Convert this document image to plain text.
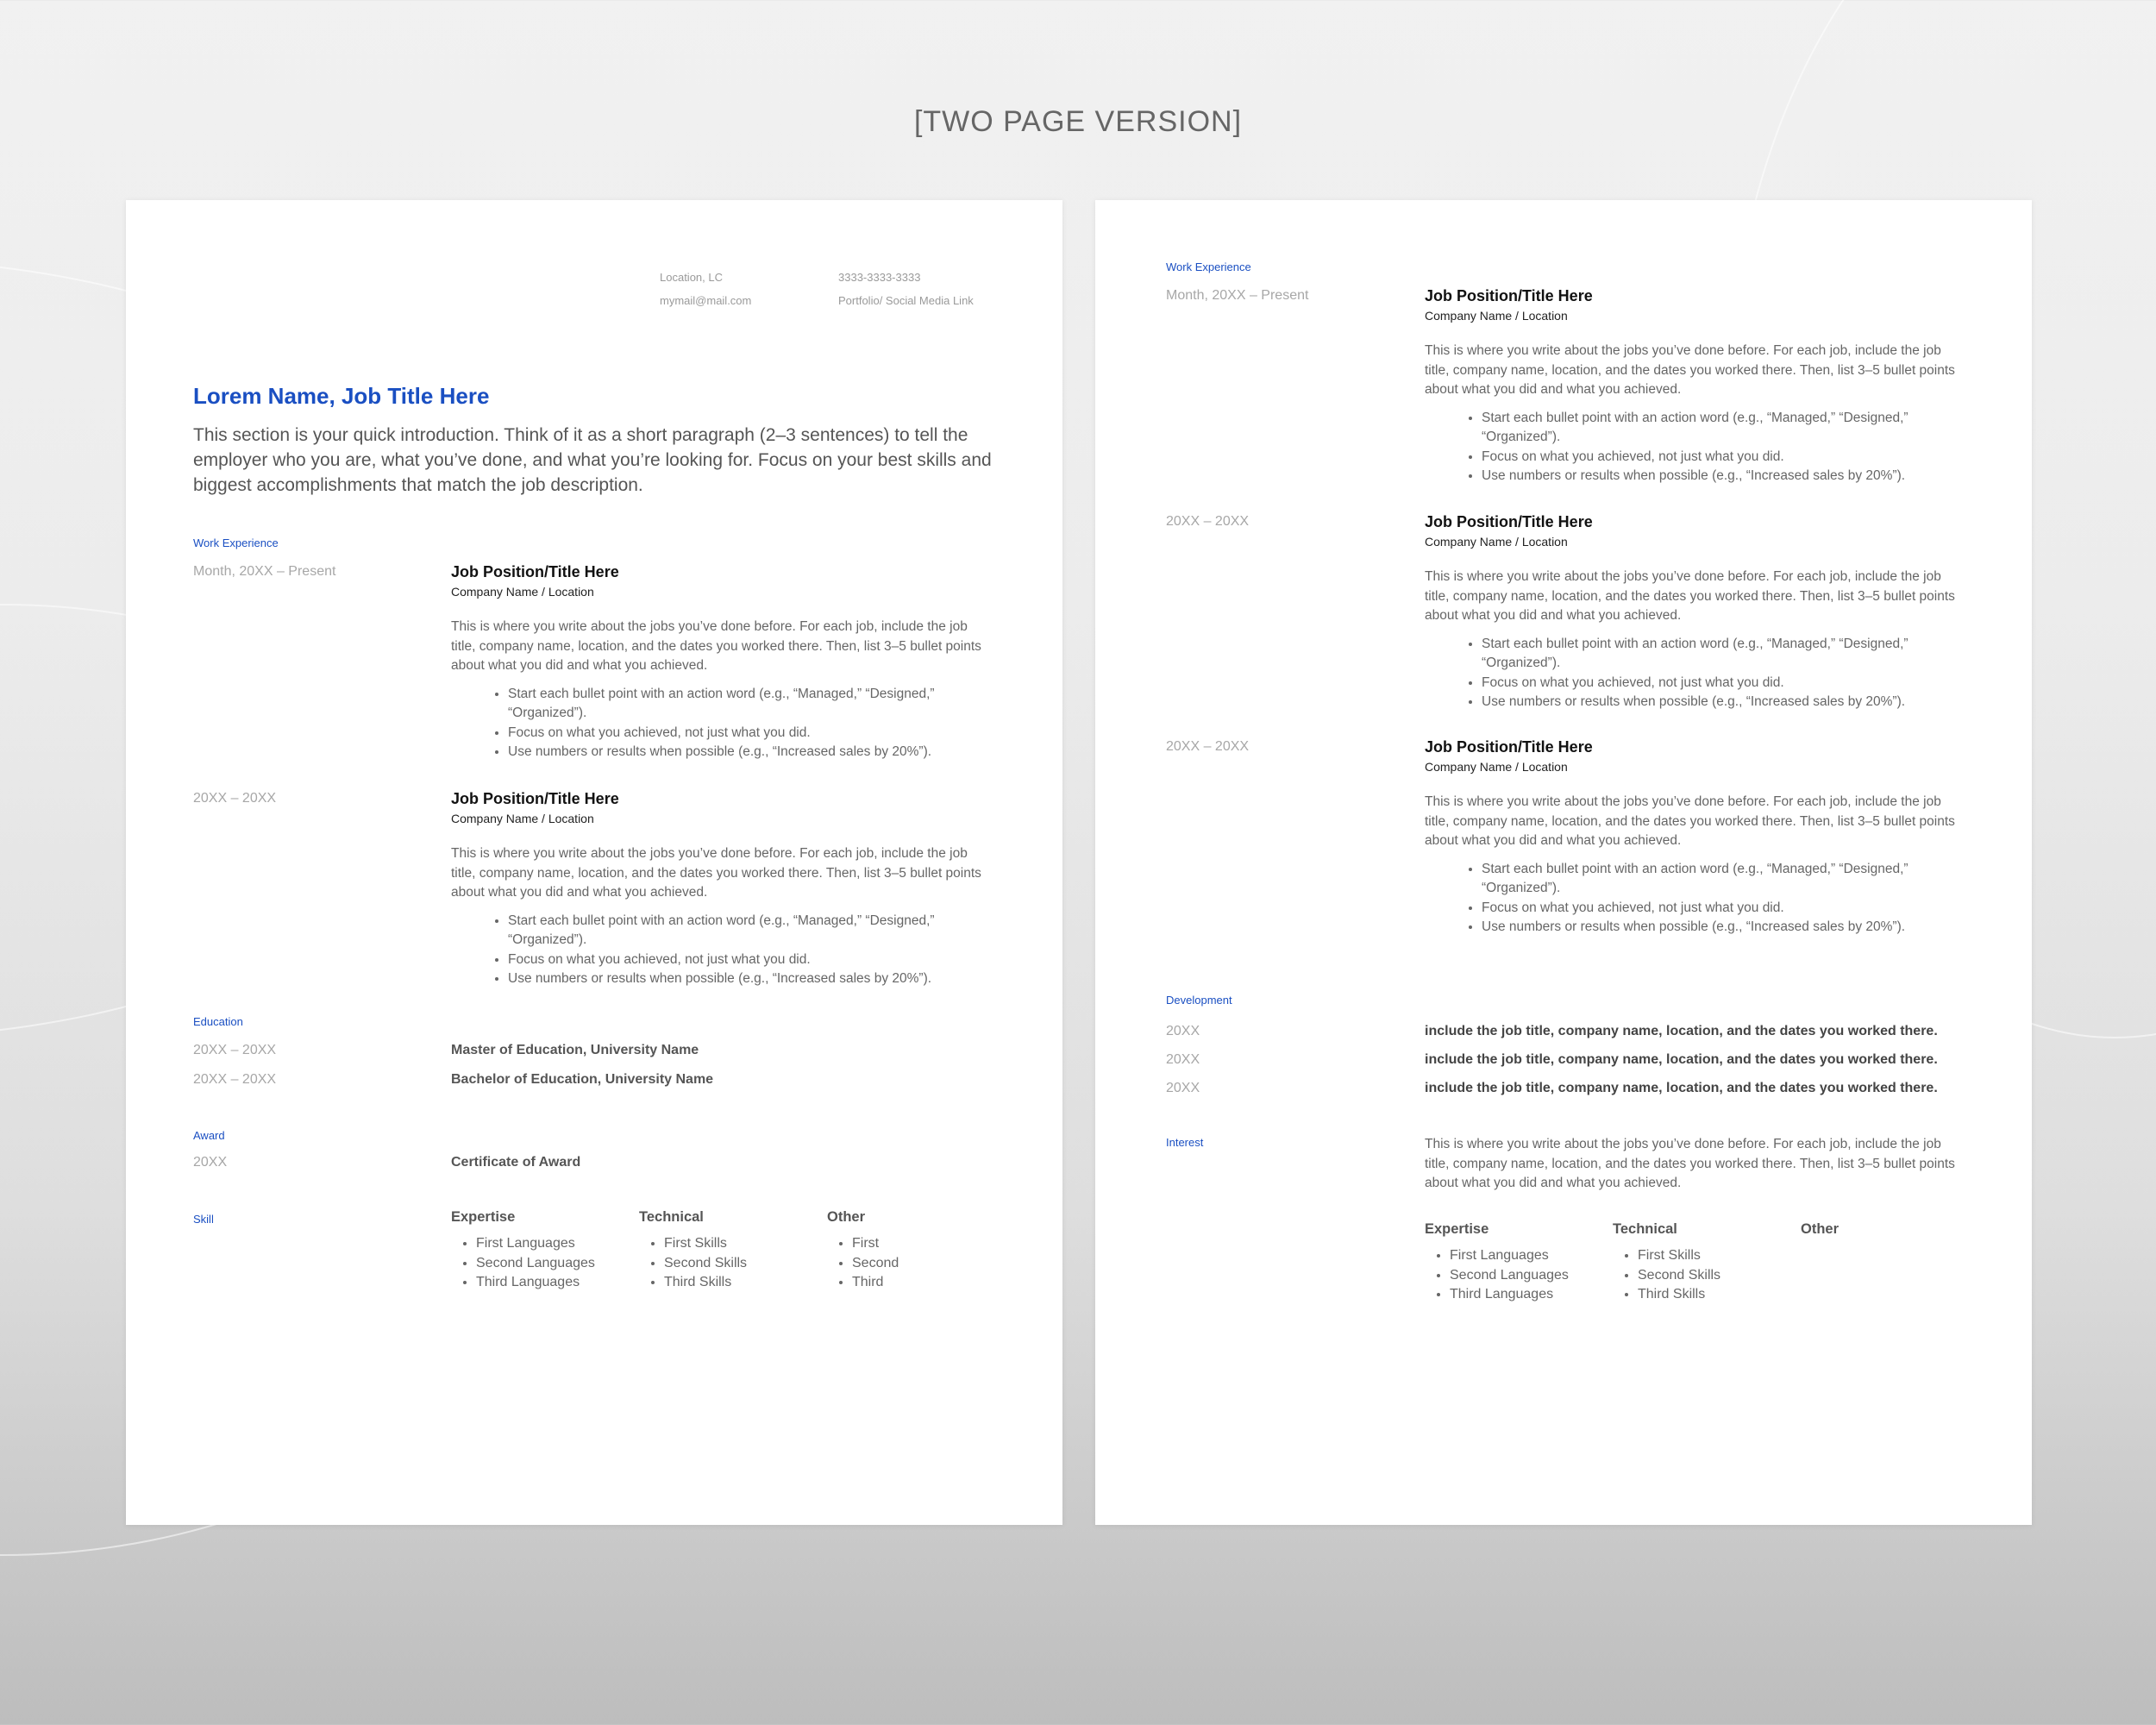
[TWO PAGE VERSION]
Location, LC	3333-3333-3333
mymail@mail.com	Portfolio/ Social Media Link
Lorem Name, Job Title Here
This section is your quick introduction. Think of it as a short paragraph (2–3 sentences) to tell the employer who you are, what you’ve done, and what you’re looking for. Focus on your best skills and biggest accomplishments that match the job description.
Work Experience
Month, 20XX – Present	Job Position/Title Here
Company Name / Location
This is where you write about the jobs you’ve done before. For each job, include the job title, company name, location, and the dates you worked there. Then, list 3–5 bullet points about what you did and what you achieved.
• Start each bullet point with an action word (e.g., “Managed,” “Designed,” “Organized”).
• Focus on what you achieved, not just what you did.
• Use numbers or results when possible (e.g., “Increased sales by 20%”).
20XX – 20XX	Job Position/Title Here
Company Name / Location
This is where you write about the jobs you’ve done before. For each job, include the job title, company name, location, and the dates you worked there. Then, list 3–5 bullet points about what you did and what you achieved.
• Start each bullet point with an action word (e.g., “Managed,” “Designed,” “Organized”).
• Focus on what you achieved, not just what you did.
• Use numbers or results when possible (e.g., “Increased sales by 20%”).
Education
20XX – 20XX	Master of Education, University Name
20XX – 20XX	Bachelor of Education, University Name
Award
20XX	Certificate of Award
Skill	Expertise
• First Languages
• Second Languages
• Third Languages
Technical
• First Skills
• Second Skills
• Third Skills
Other
• First
• Second
• Third
Work Experience
Month, 20XX – Present	Job Position/Title Here
Company Name / Location
This is where you write about the jobs you’ve done before. For each job, include the job title, company name, location, and the dates you worked there. Then, list 3–5 bullet points about what you did and what you achieved.
• Start each bullet point with an action word (e.g., “Managed,” “Designed,” “Organized”).
• Focus on what you achieved, not just what you did.
• Use numbers or results when possible (e.g., “Increased sales by 20%”).
20XX – 20XX	Job Position/Title Here
Company Name / Location
This is where you write about the jobs you’ve done before. For each job, include the job title, company name, location, and the dates you worked there. Then, list 3–5 bullet points about what you did and what you achieved.
• Start each bullet point with an action word (e.g., “Managed,” “Designed,” “Organized”).
• Focus on what you achieved, not just what you did.
• Use numbers or results when possible (e.g., “Increased sales by 20%”).
20XX – 20XX	Job Position/Title Here
Company Name / Location
This is where you write about the jobs you’ve done before. For each job, include the job title, company name, location, and the dates you worked there. Then, list 3–5 bullet points about what you did and what you achieved.
• Start each bullet point with an action word (e.g., “Managed,” “Designed,” “Organized”).
• Focus on what you achieved, not just what you did.
• Use numbers or results when possible (e.g., “Increased sales by 20%”).
Development
20XX	include the job title, company name, location, and the dates you worked there.
20XX	include the job title, company name, location, and the dates you worked there.
20XX	include the job title, company name, location, and the dates you worked there.
Interest	This is where you write about the jobs you’ve done before. For each job, include the job title, company name, location, and the dates you worked there. Then, list 3–5 bullet points about what you did and what you achieved.
Expertise
• First Languages
• Second Languages
• Third Languages
Technical
• First Skills
• Second Skills
• Third Skills
Other
